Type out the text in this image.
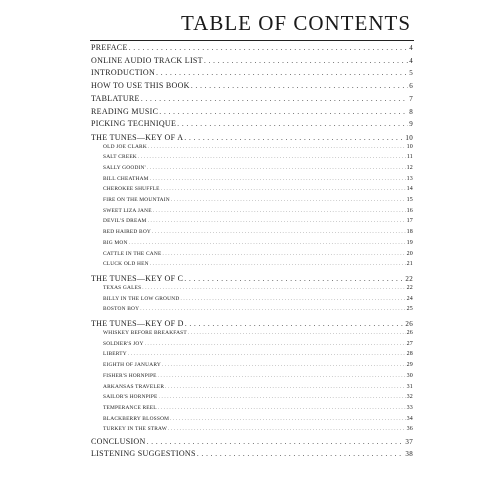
TABLE OF CONTENTS
PREFACE . . .	4
ONLINE AUDIO TRACK LIST . . .	4
INTRODUCTION . . .	5
HOW TO USE THIS BOOK . . .	6
TABLATURE . . .	7
READING MUSIC . . .	8
PICKING TECHNIQUE . . .	9
THE TUNES—KEY OF A . . .	10
OLD JOE CLARK . . .	10
SALT CREEK . . .	11
SALLY GOODIN' . . .	12
BILL CHEATHAM . . .	13
CHEROKEE SHUFFLE . . .	14
FIRE ON THE MOUNTAIN . . .	15
SWEET LIZA JANE . . .	16
DEVIL'S DREAM . . .	17
RED HAIRED BOY . . .	18
BIG MON . . .	19
CATTLE IN THE CANE . . .	20
CLUCK OLD HEN . . .	21
THE TUNES—KEY OF C . . .	22
TEXAS GALES . . .	22
BILLY IN THE LOW GROUND . . .	24
BOSTON BOY . . .	25
THE TUNES—KEY OF D . . .	26
WHISKEY BEFORE BREAKFAST . . .	26
SOLDIER'S JOY . . .	27
LIBERTY . . .	28
EIGHTH OF JANUARY . . .	29
FISHER'S HORNPIPE . . .	30
ARKANSAS TRAVELER . . .	31
SAILOR'S HORNPIPE . . .	32
TEMPERANCE REEL . . .	33
BLACKBERRY BLOSSOM . . .	34
TURKEY IN THE STRAW . . .	36
CONCLUSION . . .	37
LISTENING SUGGESTIONS . . .	38
